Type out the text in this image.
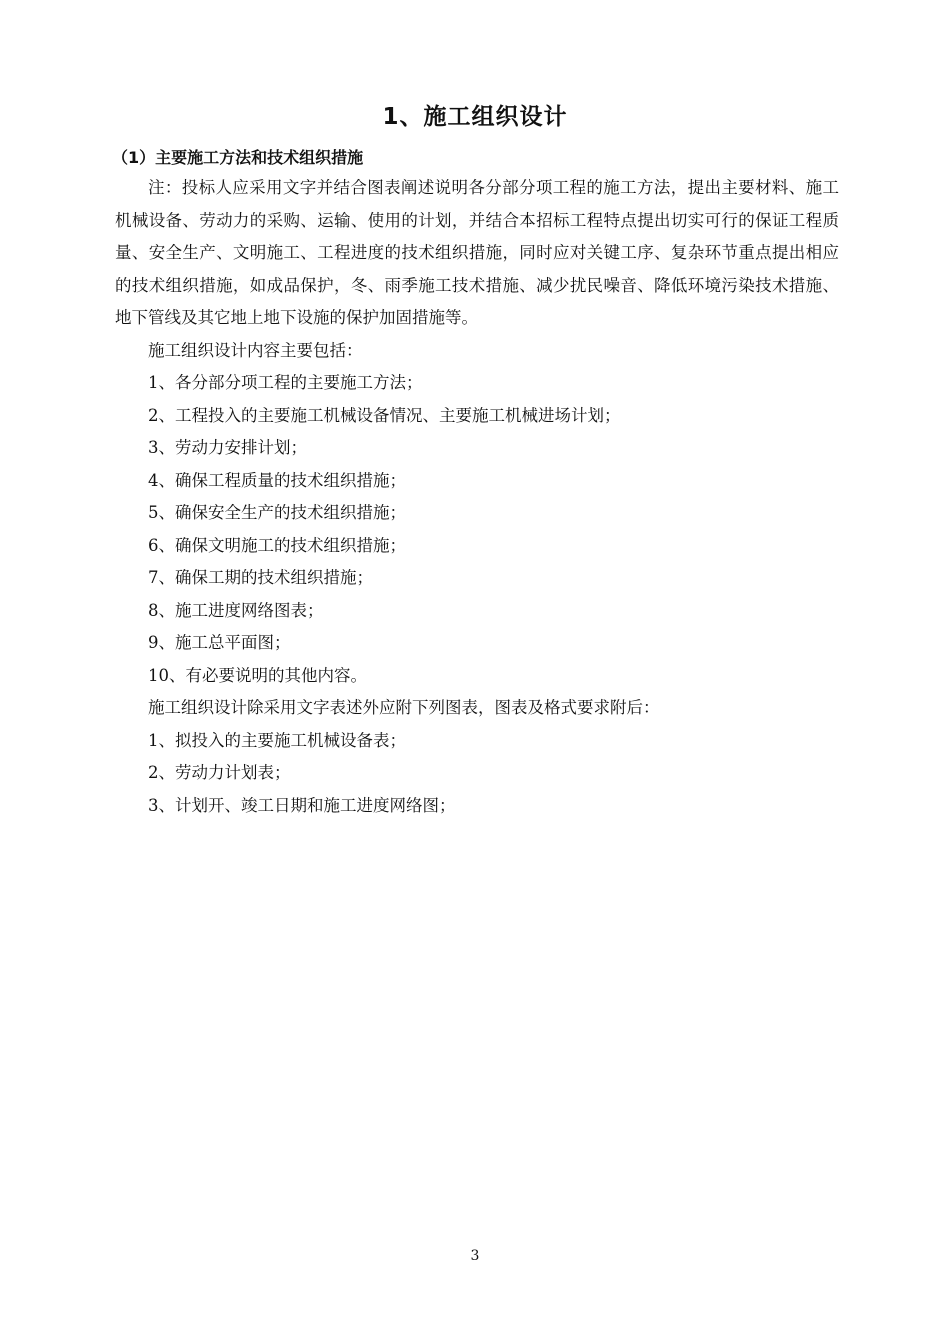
1、施工组织设计
（1）主要施工方法和技术组织措施

注：投标人应采用文字并结合图表阐述说明各分部分项工程的施工方法，提出主要材料、施工机械设备、劳动力的采购、运输、使用的计划，并结合本招标工程特点提出切实可行的保证工程质量、安全生产、文明施工、工程进度的技术组织措施，同时应对关键工序、复杂环节重点提出相应的技术组织措施，如成品保护，冬、雨季施工技术措施、减少扰民噪音、降低环境污染技术措施、地下管线及其它地上地下设施的保护加固措施等。

施工组织设计内容主要包括：
1、各分部分项工程的主要施工方法；
2、工程投入的主要施工机械设备情况、主要施工机械进场计划；
3、劳动力安排计划；
4、确保工程质量的技术组织措施；
5、确保安全生产的技术组织措施；
6、确保文明施工的技术组织措施；
7、确保工期的技术组织措施；
8、施工进度网络图表；
9、施工总平面图；
10、有必要说明的其他内容。
施工组织设计除采用文字表述外应附下列图表，图表及格式要求附后：
1、拟投入的主要施工机械设备表；
2、劳动力计划表；
3、计划开、竣工日期和施工进度网络图；
3
